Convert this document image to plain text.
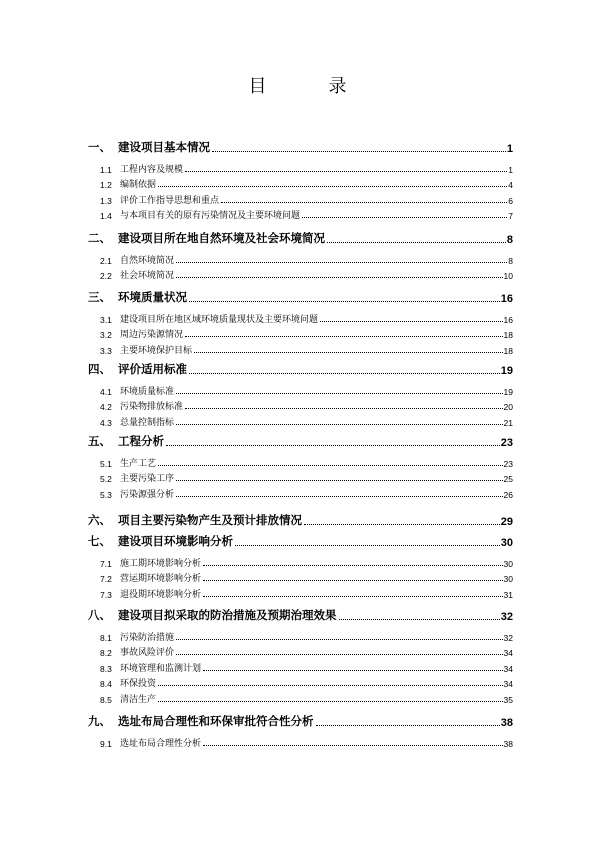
目　录
一、 建设项目基本情况	1
1.1 工程内容及规模	1
1.2 编制依据	4
1.3 评价工作指导思想和重点	6
1.4 与本项目有关的原有污染情况及主要环境问题	7
二、 建设项目所在地自然环境及社会环境简况	8
2.1 自然环境简况	8
2.2 社会环境简况	10
三、 环境质量状况	16
3.1 建设项目所在地区域环境质量现状及主要环境问题	16
3.2 周边污染源情况	18
3.3 主要环境保护目标	18
四、 评价适用标准	19
4.1 环境质量标准	19
4.2 污染物排放标准	20
4.3 总量控制指标	21
五、 工程分析	23
5.1 生产工艺	23
5.2 主要污染工序	25
5.3 污染源强分析	26
六、 项目主要污染物产生及预计排放情况	29
七、 建设项目环境影响分析	30
7.1 施工期环境影响分析	30
7.2 营运期环境影响分析	30
7.3 退役期环境影响分析	31
八、 建设项目拟采取的防治措施及预期治理效果	32
8.1 污染防治措施	32
8.2 事故风险评价	34
8.3 环境管理和监测计划	34
8.4 环保投资	34
8.5 清洁生产	35
九、 选址布局合理性和环保审批符合性分析	38
9.1 选址布局合理性分析	38
